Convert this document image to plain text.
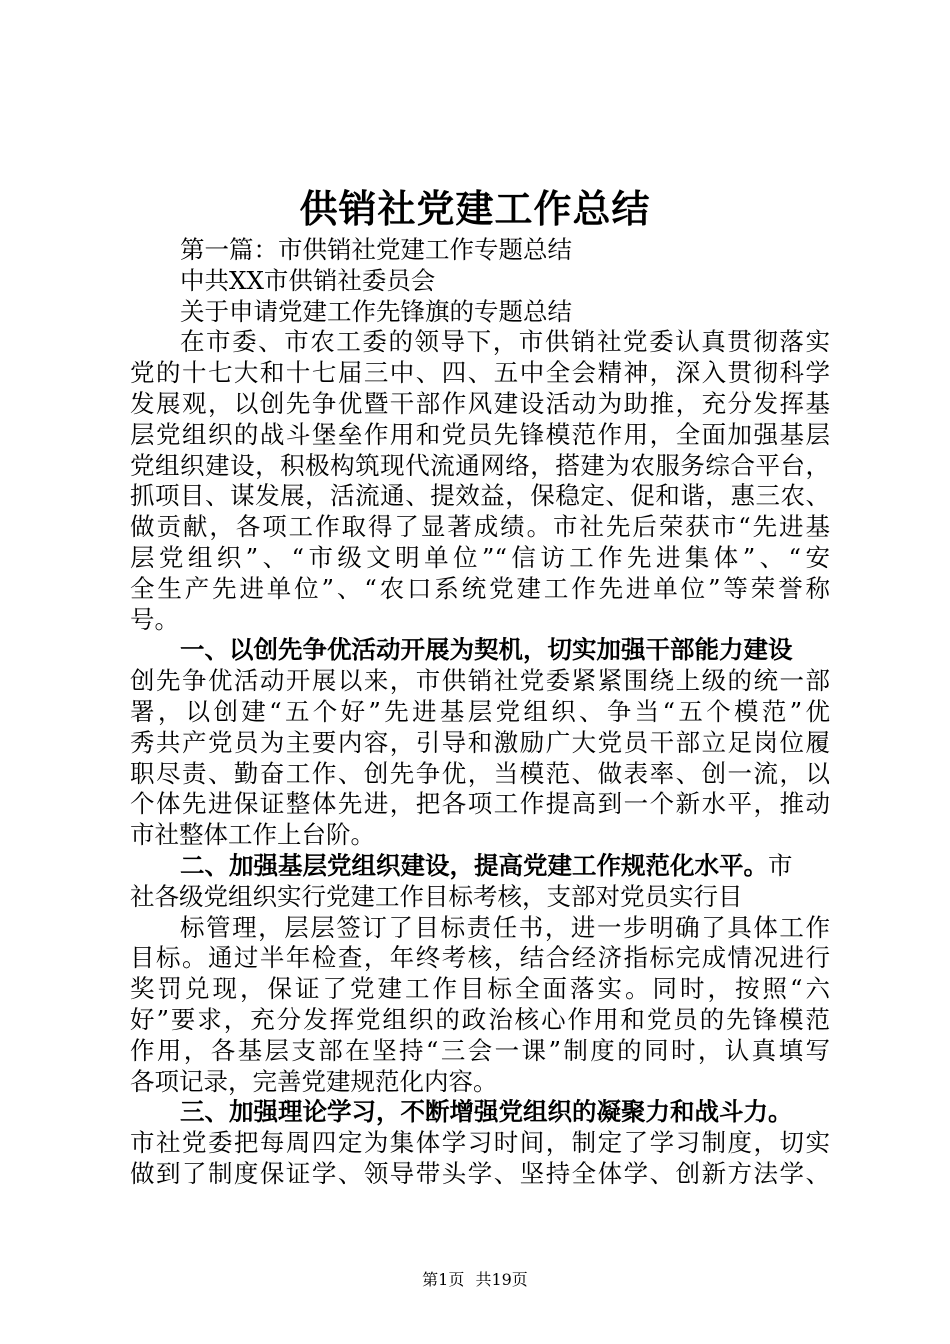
供销社党建工作总结
第一篇：市供销社党建工作专题总结
中共XX市供销社委员会
关于申请党建工作先锋旗的专题总结
在市委、市农工委的领导下，市供销社党委认真贯彻落实
党的十七大和十七届三中、四、五中全会精神，深入贯彻科学
发展观，以创先争优暨干部作风建设活动为助推，充分发挥基
层党组织的战斗堡垒作用和党员先锋模范作用，全面加强基层
党组织建设，积极构筑现代流通网络，搭建为农服务综合平台，
抓项目、谋发展，活流通、提效益，保稳定、促和谐，惠三农、
做贡献，各项工作取得了显著成绩。市社先后荣获市“先进基
层党组织”、“市级文明单位”“信访工作先进集体”、“安
全生产先进单位”、“农口系统党建工作先进单位”等荣誉称
号。
一、以创先争优活动开展为契机，切实加强干部能力建设
创先争优活动开展以来，市供销社党委紧紧围绕上级的统一部
署，以创建“五个好”先进基层党组织、争当“五个模范”优
秀共产党员为主要内容，引导和激励广大党员干部立足岗位履
职尽责、勤奋工作、创先争优，当模范、做表率、创一流，以
个体先进保证整体先进，把各项工作提高到一个新水平，推动
市社整体工作上台阶。
二、加强基层党组织建设，提高党建工作规范化水平。市
社各级党组织实行党建工作目标考核，支部对党员实行目
标管理，层层签订了目标责任书，进一步明确了具体工作
目标。通过半年检查，年终考核，结合经济指标完成情况进行
奖罚兑现，保证了党建工作目标全面落实。同时，按照“六
好”要求，充分发挥党组织的政治核心作用和党员的先锋模范
作用，各基层支部在坚持“三会一课”制度的同时，认真填写
各项记录，完善党建规范化内容。
三、加强理论学习，不断增强党组织的凝聚力和战斗力。
市社党委把每周四定为集体学习时间，制定了学习制度，切实
做到了制度保证学、领导带头学、坚持全体学、创新方法学、
第1页 共19页
